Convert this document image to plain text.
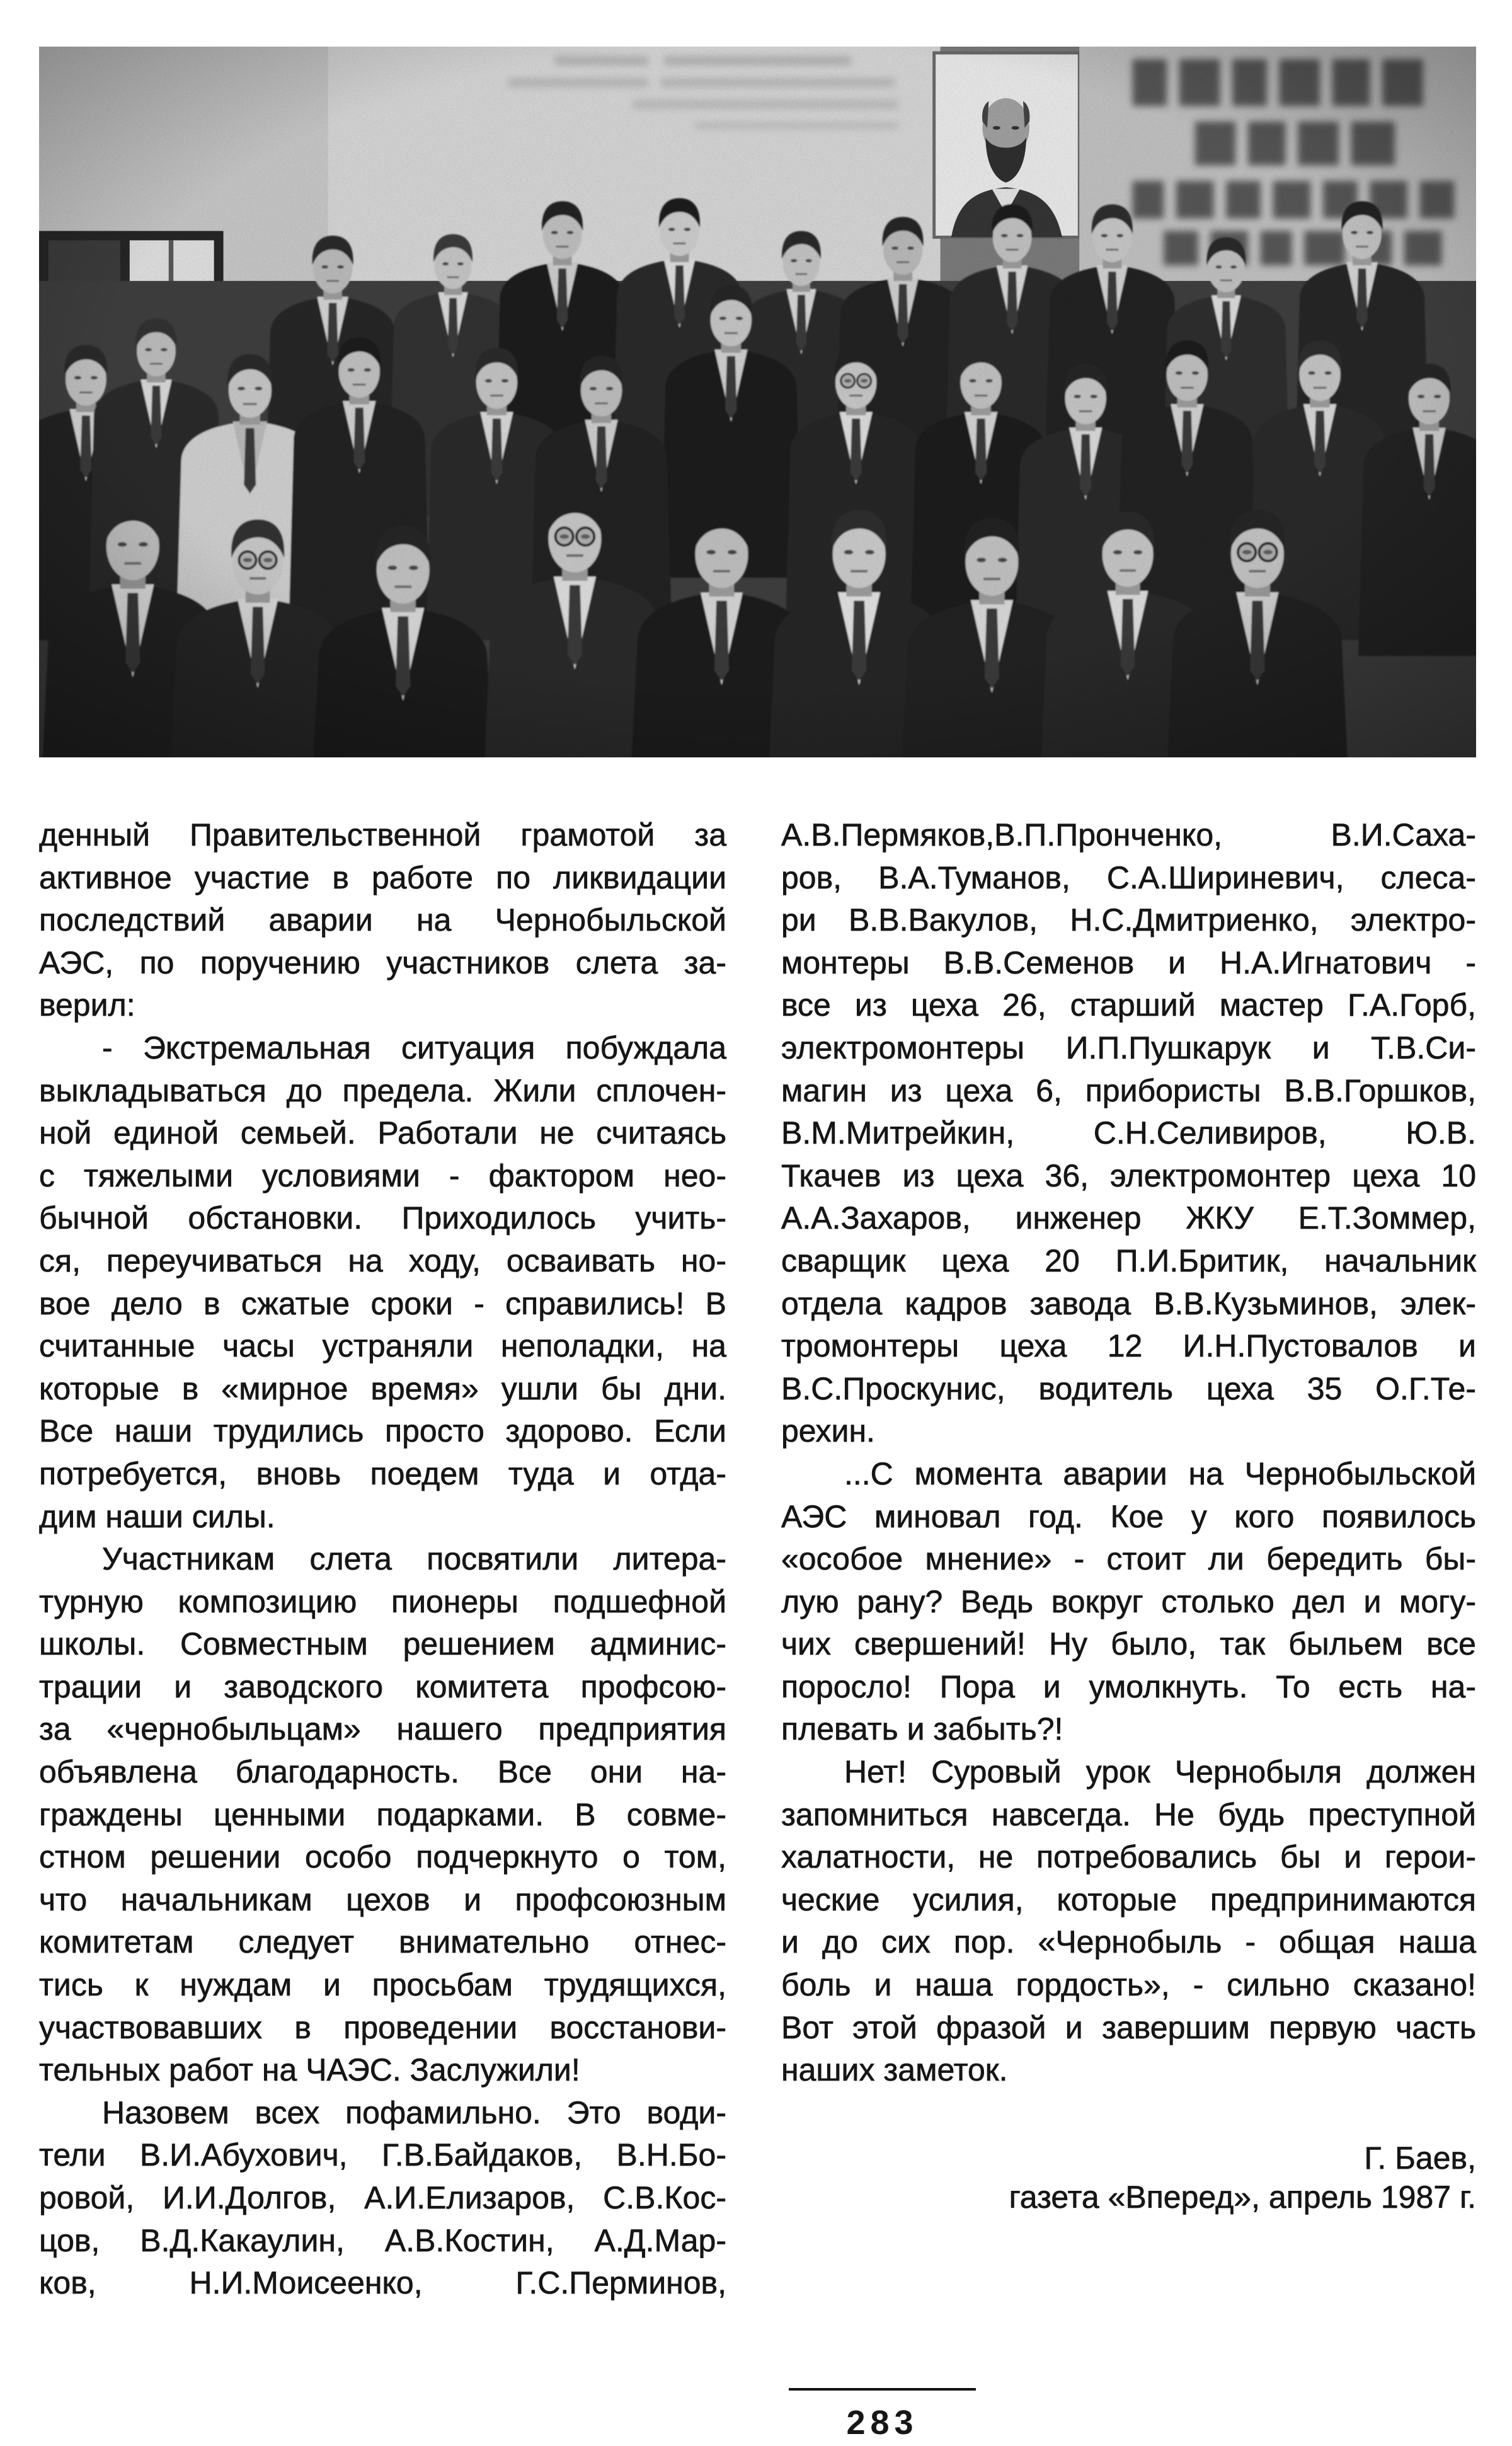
денный Правительственной грамотой за
активное участие в работе по ликвидации
последствий аварии на Чернобыльской
АЭС, по поручению участников слета за-
верил:
- Экстремальная ситуация побуждала
выкладываться до предела. Жили сплочен-
ной единой семьей. Работали не считаясь
с тяжелыми условиями - фактором нео-
бычной обстановки. Приходилось учить-
ся, переучиваться на ходу, осваивать но-
вое дело в сжатые сроки - справились! В
считанные часы устраняли неполадки, на
которые в «мирное время» ушли бы дни.
Все наши трудились просто здорово. Если
потребуется, вновь поедем туда и отда-
дим наши силы.
Участникам слета посвятили литера-
турную композицию пионеры подшефной
школы. Совместным решением админис-
трации и заводского комитета профсою-
за «чернобыльцам» нашего предприятия
объявлена благодарность. Все они на-
граждены ценными подарками. В совме-
стном решении особо подчеркнуто о том,
что начальникам цехов и профсоюзным
комитетам следует внимательно отнес-
тись к нуждам и просьбам трудящихся,
участвовавших в проведении восстанови-
тельных работ на ЧАЭС. Заслужили!
Назовем всех пофамильно. Это води-
тели В.И.Абухович, Г.В.Байдаков, В.Н.Бо-
ровой, И.И.Долгов, А.И.Елизаров, С.В.Кос-
цов, В.Д.Какаулин, А.В.Костин, А.Д.Мар-
ков, Н.И.Моисеенко, Г.С.Перминов,
А.В.Пермяков,В.П.Пронченко, В.И.Саха-
ров, В.А.Туманов, С.А.Шириневич, слеса-
ри В.В.Вакулов, Н.С.Дмитриенко, электро-
монтеры В.В.Семенов и Н.А.Игнатович -
все из цеха 26, старший мастер Г.А.Горб,
электромонтеры И.П.Пушкарук и Т.В.Си-
магин из цеха 6, прибористы В.В.Горшков,
В.М.Митрейкин, С.Н.Селивиров, Ю.В.
Ткачев из цеха 36, электромонтер цеха 10
А.А.Захаров, инженер ЖКУ Е.Т.Зоммер,
сварщик цеха 20 П.И.Бритик, начальник
отдела кадров завода В.В.Кузьминов, элек-
тромонтеры цеха 12 И.Н.Пустовалов и
В.С.Проскунис, водитель цеха 35 О.Г.Те-
рехин.
...С момента аварии на Чернобыльской
АЭС миновал год. Кое у кого появилось
«особое мнение» - стоит ли бередить бы-
лую рану? Ведь вокруг столько дел и могу-
чих свершений! Ну было, так быльем все
поросло! Пора и умолкнуть. То есть на-
плевать и забыть?!
Нет! Суровый урок Чернобыля должен
запомниться навсегда. Не будь преступной
халатности, не потребовались бы и герои-
ческие усилия, которые предпринимаются
и до сих пор. «Чернобыль - общая наша
боль и наша гордость», - сильно сказано!
Вот этой фразой и завершим первую часть
наших заметок.
Г. Баев,
газета «Вперед», апрель 1987 г.
283
